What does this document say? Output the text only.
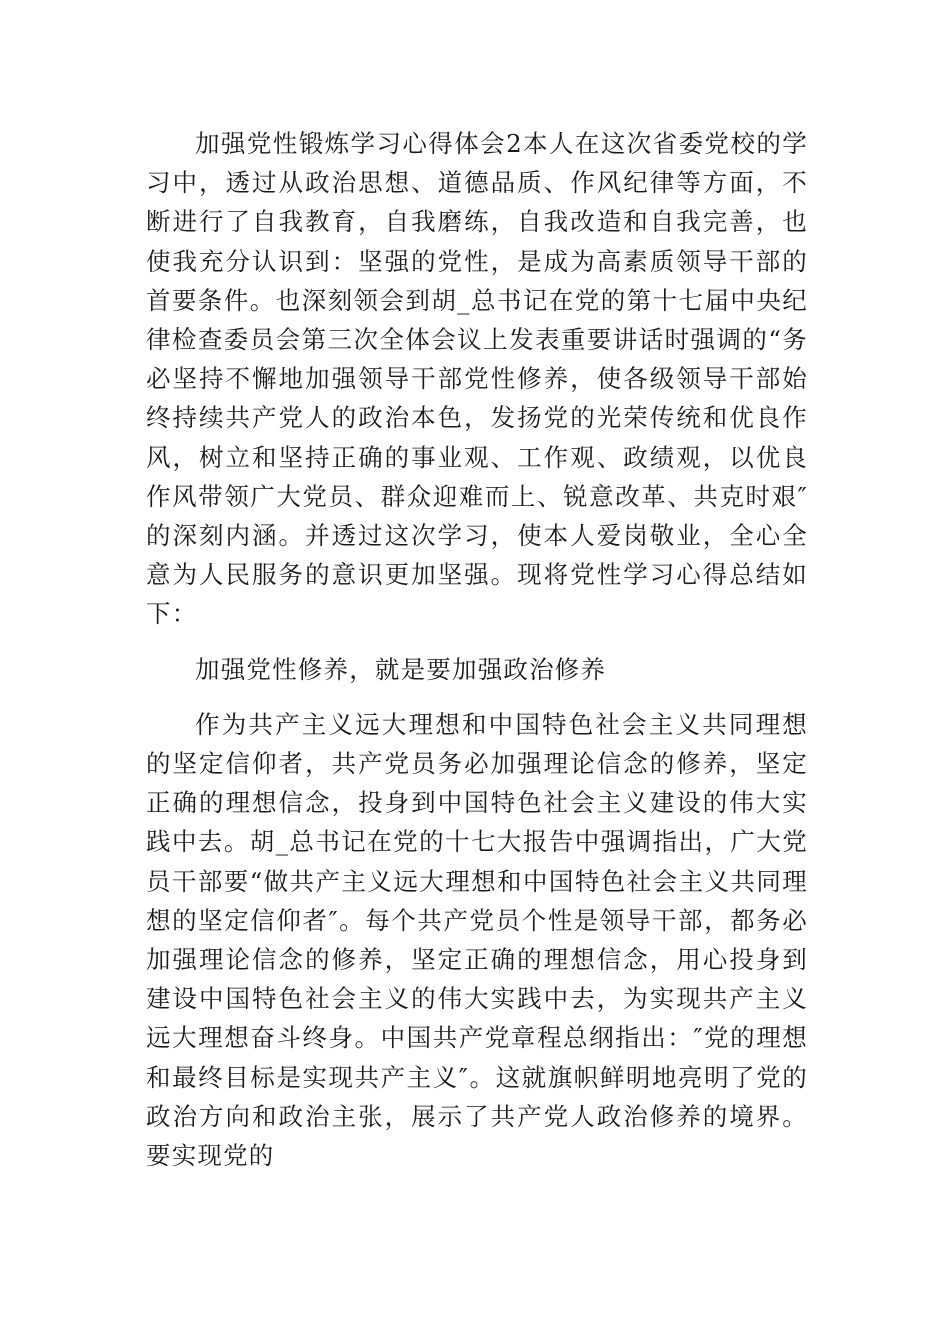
加强党性锻炼学习心得体会2本人在这次省委党校的学习中，透过从政治思想、道德品质、作风纪律等方面，不断进行了自我教育，自我磨练，自我改造和自我完善，也使我充分认识到：坚强的党性，是成为高素质领导干部的首要条件。也深刻领会到胡_总书记在党的第十七届中央纪律检查委员会第三次全体会议上发表重要讲话时强调的“务必坚持不懈地加强领导干部党性修养，使各级领导干部始终持续共产党人的政治本色，发扬党的光荣传统和优良作风，树立和坚持正确的事业观、工作观、政绩观，以优良作风带领广大党员、群众迎难而上、锐意改革、共克时艰″的深刻内涵。并透过这次学习，使本人爱岗敬业，全心全意为人民服务的意识更加坚强。现将党性学习心得总结如下：

加强党性修养，就是要加强政治修养

作为共产主义远大理想和中国特色社会主义共同理想的坚定信仰者，共产党员务必加强理论信念的修养，坚定正确的理想信念，投身到中国特色社会主义建设的伟大实践中去。胡_总书记在党的十七大报告中强调指出，广大党员干部要“做共产主义远大理想和中国特色社会主义共同理想的坚定信仰者″。每个共产党员个性是领导干部，都务必加强理论信念的修养，坚定正确的理想信念，用心投身到建设中国特色社会主义的伟大实践中去，为实现共产主义远大理想奋斗终身。中国共产党章程总纲指出：″党的理想和最终目标是实现共产主义″。这就旗帜鲜明地亮明了党的政治方向和政治主张，展示了共产党人政治修养的境界。要实现党的
